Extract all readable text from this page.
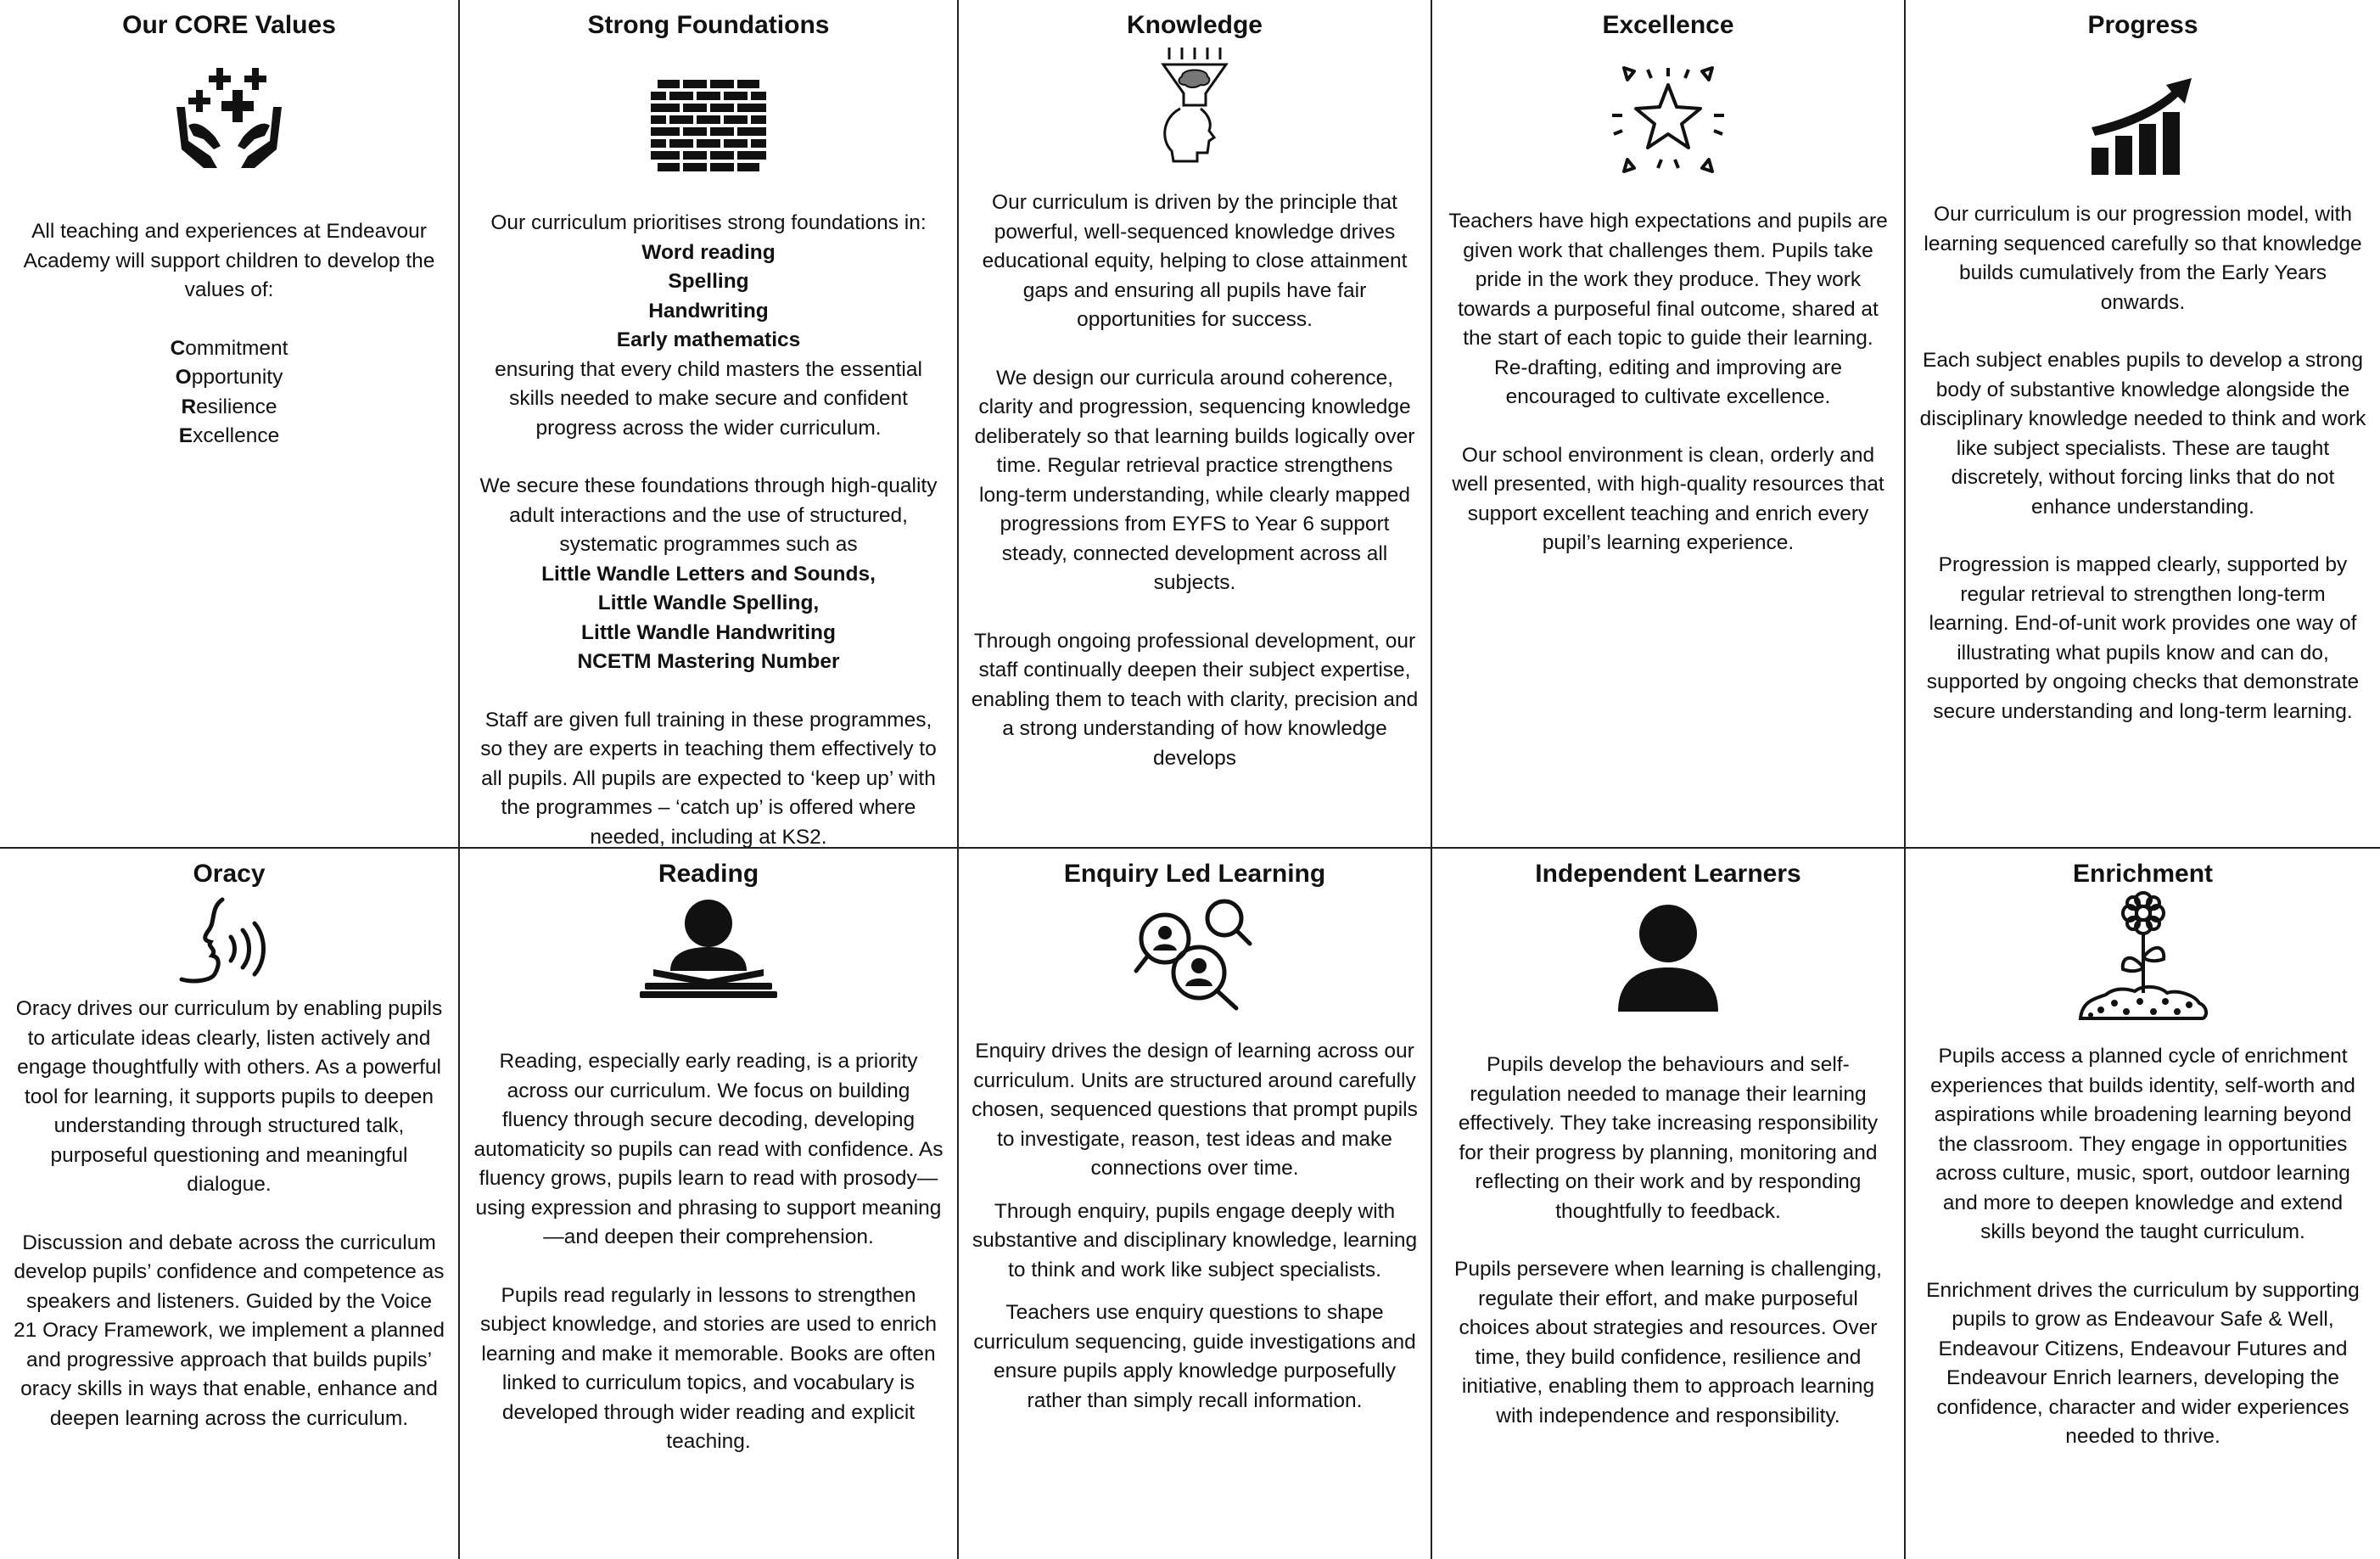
Our CORE Values

All teaching and experiences at Endeavour Academy will support children to develop the values of:

Commitment

Opportunity

Resilience

Excellence

Strong Foundations

Our curriculum prioritises strong foundations in:

Word reading

Spelling

Handwriting

Early mathematics

ensuring that every child masters the essential skills needed to make secure and confident progress across the wider curriculum.

We secure these foundations through high-quality adult interactions and the use of structured, systematic programmes such as

Little Wandle Letters and Sounds,

Little Wandle Spelling,

Little Wandle Handwriting

NCETM Mastering Number

Staff are given full training in these programmes, so they are experts in teaching them effectively to all pupils. All pupils are expected to ‘keep up’ with the programmes – ‘catch up’ is offered where needed, including at KS2.

Knowledge

Our curriculum is driven by the principle that powerful, well-sequenced knowledge drives educational equity, helping to close attainment gaps and ensuring all pupils have fair opportunities for success.

We design our curricula around coherence, clarity and progression, sequencing knowledge deliberately so that learning builds logically over time. Regular retrieval practice strengthens long-term understanding, while clearly mapped progressions from EYFS to Year 6 support steady, connected development across all subjects.

Through ongoing professional development, our staff continually deepen their subject expertise, enabling them to teach with clarity, precision and a strong understanding of how knowledge develops

Excellence

Teachers have high expectations and pupils are given work that challenges them. Pupils take pride in the work they produce. They work towards a purposeful final outcome, shared at the start of each topic to guide their learning. Re-drafting, editing and improving are encouraged to cultivate excellence.

Our school environment is clean, orderly and well presented, with high-quality resources that support excellent teaching and enrich every pupil’s learning experience.

Progress

Our curriculum is our progression model, with learning sequenced carefully so that knowledge builds cumulatively from the Early Years onwards.

Each subject enables pupils to develop a strong body of substantive knowledge alongside the disciplinary knowledge needed to think and work like subject specialists. These are taught discretely, without forcing links that do not enhance understanding.

Progression is mapped clearly, supported by regular retrieval to strengthen long-term learning. End-of-unit work provides one way of illustrating what pupils know and can do, supported by ongoing checks that demonstrate secure understanding and long-term learning.

Oracy

Oracy drives our curriculum by enabling pupils to articulate ideas clearly, listen actively and engage thoughtfully with others. As a powerful tool for learning, it supports pupils to deepen understanding through structured talk, purposeful questioning and meaningful dialogue.

Discussion and debate across the curriculum develop pupils’ confidence and competence as speakers and listeners. Guided by the Voice 21 Oracy Framework, we implement a planned and progressive approach that builds pupils’ oracy skills in ways that enable, enhance and deepen learning across the curriculum.

Reading

Reading, especially early reading, is a priority across our curriculum. We focus on building fluency through secure decoding, developing automaticity so pupils can read with confidence. As fluency grows, pupils learn to read with prosody—using expression and phrasing to support meaning—and deepen their comprehension.

Pupils read regularly in lessons to strengthen subject knowledge, and stories are used to enrich learning and make it memorable. Books are often linked to curriculum topics, and vocabulary is developed through wider reading and explicit teaching.

Enquiry Led Learning

Enquiry drives the design of learning across our curriculum. Units are structured around carefully chosen, sequenced questions that prompt pupils to investigate, reason, test ideas and make connections over time.

Through enquiry, pupils engage deeply with substantive and disciplinary knowledge, learning to think and work like subject specialists.

Teachers use enquiry questions to shape curriculum sequencing, guide investigations and ensure pupils apply knowledge purposefully rather than simply recall information.

Independent Learners

Pupils develop the behaviours and self-regulation needed to manage their learning effectively. They take increasing responsibility for their progress by planning, monitoring and reflecting on their work and by responding thoughtfully to feedback.

Pupils persevere when learning is challenging, regulate their effort, and make purposeful choices about strategies and resources. Over time, they build confidence, resilience and initiative, enabling them to approach learning with independence and responsibility.

Enrichment

Pupils access a planned cycle of enrichment experiences that builds identity, self-worth and aspirations while broadening learning beyond the classroom. They engage in opportunities across culture, music, sport, outdoor learning and more to deepen knowledge and extend skills beyond the taught curriculum.

Enrichment drives the curriculum by supporting pupils to grow as Endeavour Safe & Well, Endeavour Citizens, Endeavour Futures and Endeavour Enrich learners, developing the confidence, character and wider experiences needed to thrive.
